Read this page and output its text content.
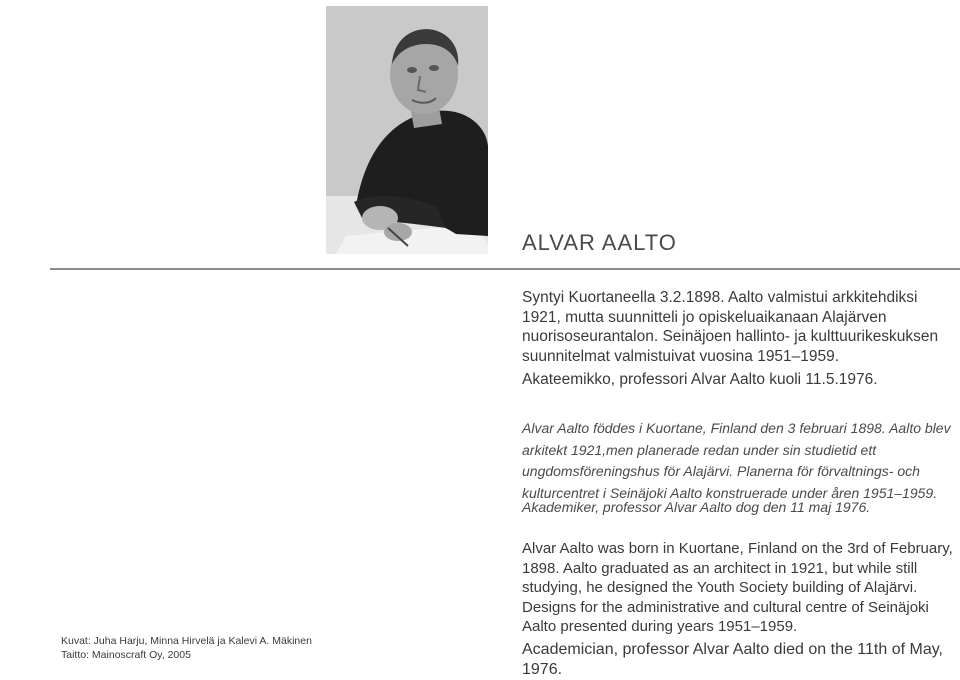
ALVAR AALTO

Syntyi Kuortaneella 3.2.1898. Aalto valmistui arkkitehdiksi 1921, mutta suunnitteli jo opiskeluaikanaan Alajärven nuorisoseurantalon. Seinäjoen hallinto- ja kulttuurikeskuksen suunnitelmat valmistuivat vuosina 1951–1959.

Akateemikko, professori Alvar Aalto kuoli 11.5.1976.

Alvar Aalto föddes i Kuortane, Finland den 3 februari 1898. Aalto blev arkitekt 1921,men planerade redan under sin studietid ett ungdomsföreningshus för Alajärvi. Planerna för förvaltnings- och kulturcentret i Seinäjoki Aalto konstruerade under åren 1951–1959.

Akademiker, professor Alvar Aalto dog den 11 maj 1976.

Alvar Aalto was born in Kuortane, Finland on the 3rd of February, 1898. Aalto graduated as an architect in 1921, but while still studying, he designed the Youth Society building of Alajärvi. Designs for the administrative and cultural centre of Seinäjoki Aalto presented during years 1951–1959.

Academician, professor Alvar Aalto died on the 11th of May, 1976.

Kuvat: Juha Harju, Minna Hirvelä ja Kalevi A. Mäkinen
Taitto: Mainoscraft Oy, 2005
